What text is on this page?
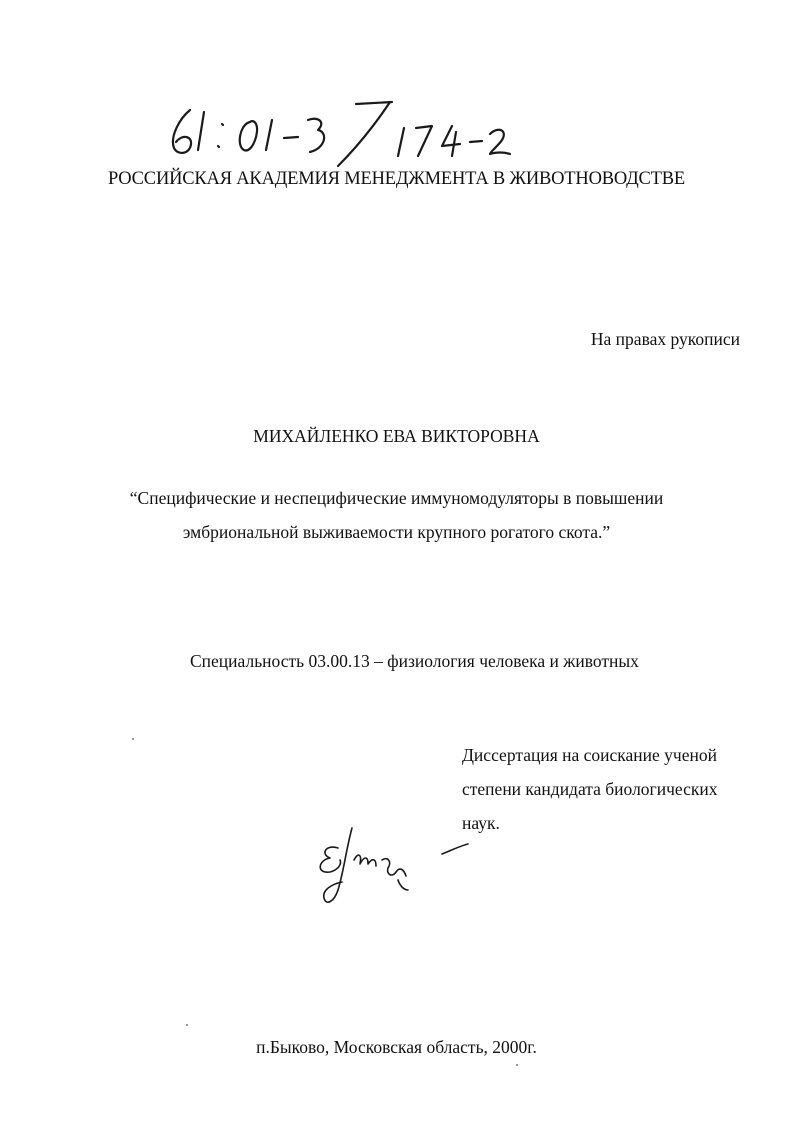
РОССИЙСКАЯ АКАДЕМИЯ МЕНЕДЖМЕНТА В ЖИВОТНОВОДСТВЕ

На правах рукописи

МИХАЙЛЕНКО ЕВА ВИКТОРОВНА

“Специфические и неспецифические иммуномодуляторы в повышении

эмбриональной выживаемости крупного рогатого скота.”

Специальность 03.00.13 – физиология человека и животных

Диссертация на соискание ученой

степени кандидата биологических

наук.

п.Быково, Московская область, 2000г.
